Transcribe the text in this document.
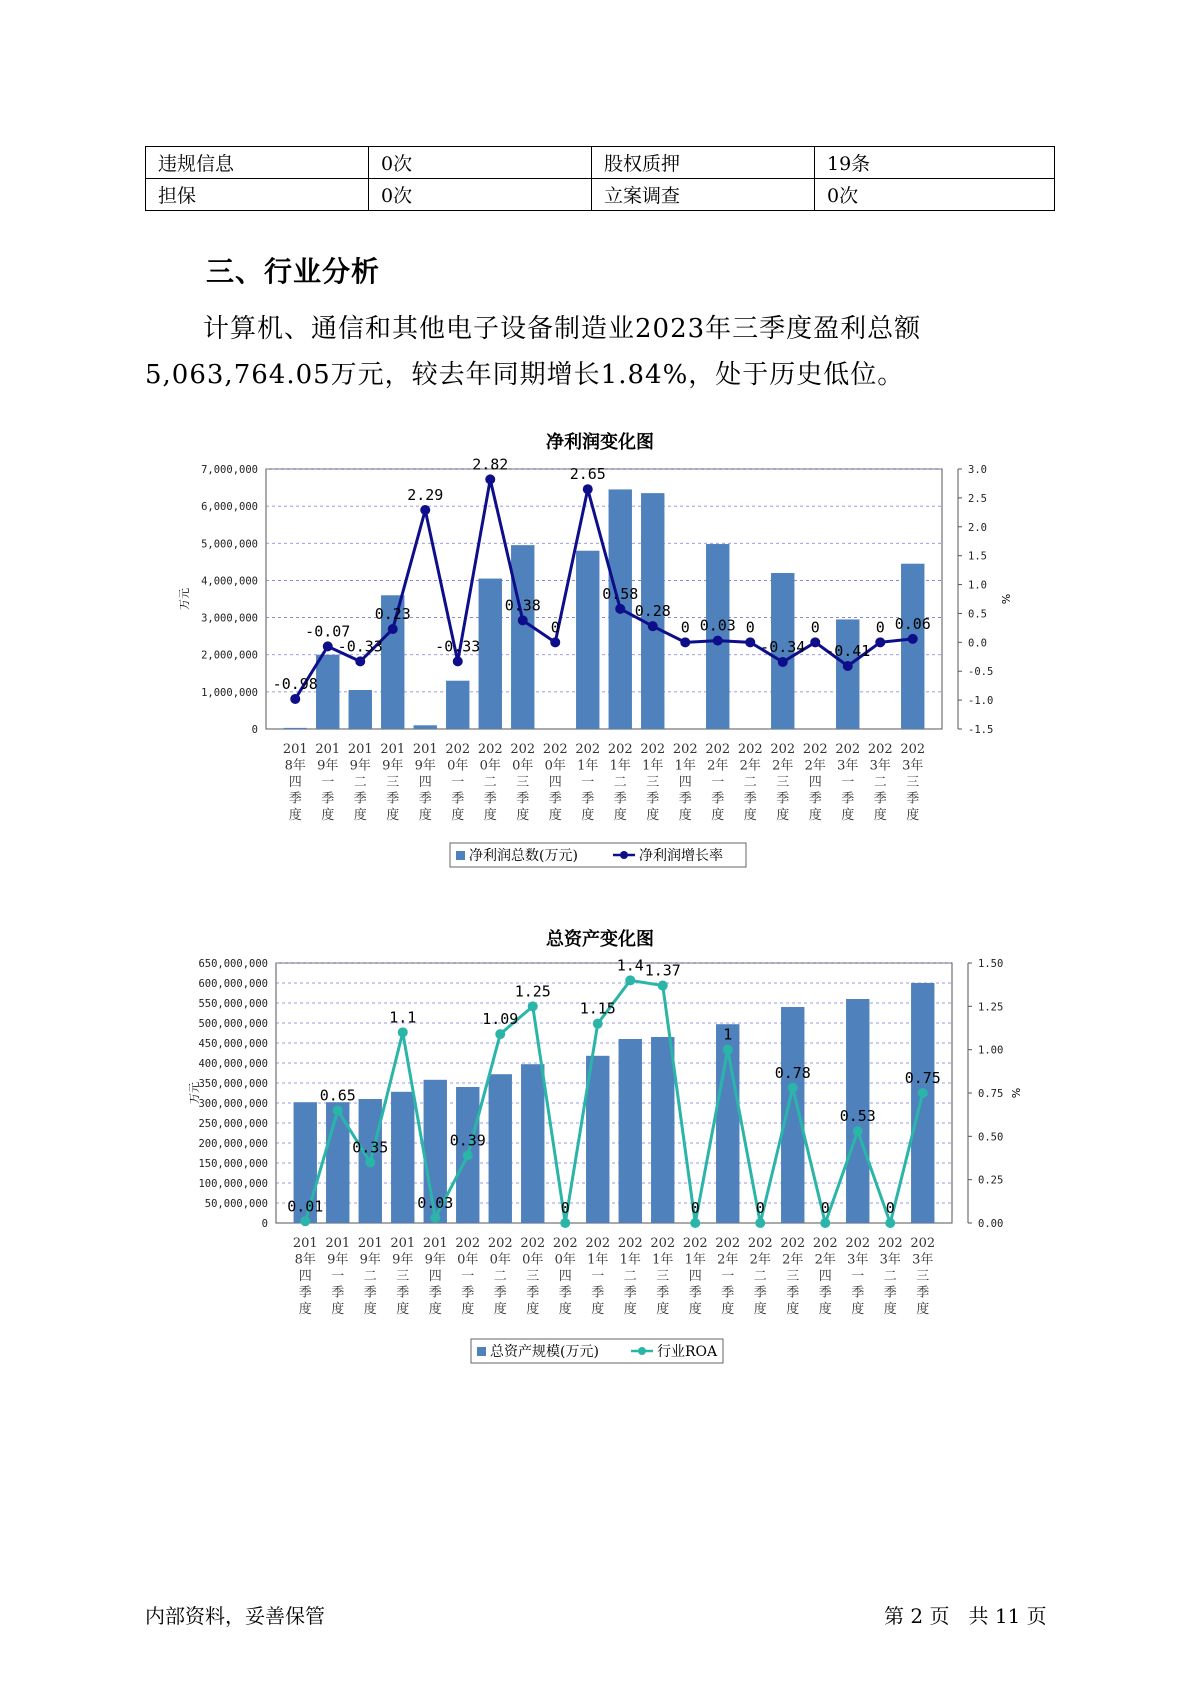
违规信息	0次	股权质押	19条
担保	0次	立案调查	0次
三、行业分析

计算机、通信和其他电子设备制造业2023年三季度盈利总额5,063,764.05万元，较去年同期增长1.84%，处于历史低位。

净利润变化图
0
1,000,000
2,000,000
3,000,000
4,000,000
5,000,000
6,000,000
7,000,000
-1.5
-1.0
-0.5
0.0
0.5
1.0
1.5
2.0
2.5
3.0
万元	%
-0.98
-0.07
-0.33
0.23
2.29
-0.33
2.82
0.38
0
2.65
0.58
0.28
0 0.03 0
-0.34
0
-0.41
0 0.06
201 8年四季度
201 9年一季度
201 9年二季度
201 9年三季度
201 9年四季度
202 0年一季度
202 0年二季度
202 0年三季度
202 0年四季度
202 1年一季度
202 1年二季度
202 1年三季度
202 1年四季度
202 2年一季度
202 2年二季度
202 2年三季度
202 2年四季度
202 3年一季度
202 3年二季度
202 3年三季度
净利润总数(万元)	净利润增长率
总资产变化图
0
50,000,000
100,000,000
150,000,000
200,000,000
250,000,000
300,000,000
350,000,000
400,000,000
450,000,000
500,000,000
550,000,000
600,000,000
650,000,000
0.00
0.25
0.50
0.75
1.00
1.25
1.50
万元	%
0.01
0.65
0.35
1.1
0.03
0.39
1.09
1.25
0
1.15
1.4 1.37
0
1
0
0.78
0
0.53
0
0.75
201 8年四季度
201 9年一季度
201 9年二季度
201 9年三季度
201 9年四季度
202 0年一季度
202 0年二季度
202 0年三季度
202 0年四季度
202 1年一季度
202 1年二季度
202 1年三季度
202 1年四季度
202 2年一季度
202 2年二季度
202 2年三季度
202 2年四季度
202 3年一季度
202 3年二季度
202 3年三季度
总资产规模(万元)	行业ROA
内部资料，妥善保管	第 2 页   共 11 页
